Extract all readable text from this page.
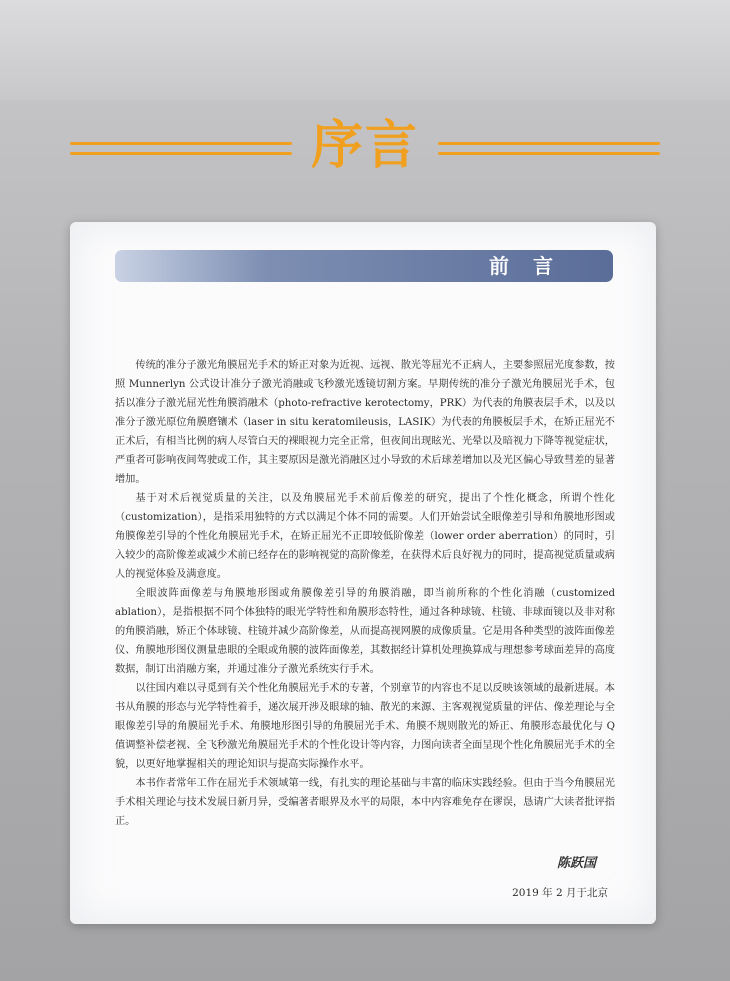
序言
前言

传统的准分子激光角膜屈光手术的矫正对象为近视、远视、散光等屈光不正病人，主要参照屈光度参数，按照 Munnerlyn 公式设计准分子激光消融或飞秒激光透镜切割方案。早期传统的准分子激光角膜屈光手术，包括以准分子激光屈光性角膜消融术（photo-refractive kerotectomy，PRK）为代表的角膜表层手术，以及以准分子激光原位角膜磨镶术（laser in situ keratomileusis，LASIK）为代表的角膜板层手术，在矫正屈光不正术后，有相当比例的病人尽管白天的裸眼视力完全正常，但夜间出现眩光、光晕以及暗视力下降等视觉症状，严重者可影响夜间驾驶或工作，其主要原因是激光消融区过小导致的术后球差增加以及光区偏心导致彗差的显著增加。

基于对术后视觉质量的关注，以及角膜屈光手术前后像差的研究，提出了个性化概念，所谓个性化（customization），是指采用独特的方式以满足个体不同的需要。人们开始尝试全眼像差引导和角膜地形图或角膜像差引导的个性化角膜屈光手术，在矫正屈光不正即较低阶像差（lower order aberration）的同时，引入较少的高阶像差或减少术前已经存在的影响视觉的高阶像差，在获得术后良好视力的同时，提高视觉质量或病人的视觉体验及满意度。

全眼波阵面像差与角膜地形图或角膜像差引导的角膜消融，即当前所称的个性化消融（customized ablation），是指根据不同个体独特的眼光学特性和角膜形态特性，通过各种球镜、柱镜、非球面镜以及非对称的角膜消融，矫正个体球镜、柱镜并减少高阶像差，从而提高视网膜的成像质量。它是用各种类型的波阵面像差仪、角膜地形图仪测量患眼的全眼或角膜的波阵面像差，其数据经计算机处理换算成与理想参考球面差异的高度数据，制订出消融方案，并通过准分子激光系统实行手术。

以往国内难以寻觅到有关个性化角膜屈光手术的专著，个别章节的内容也不足以反映该领域的最新进展。本书从角膜的形态与光学特性着手，递次展开涉及眼球的轴、散光的来源、主客观视觉质量的评估、像差理论与全眼像差引导的角膜屈光手术、角膜地形图引导的角膜屈光手术、角膜不规则散光的矫正、角膜形态最优化与 Q 值调整补偿老视、全飞秒激光角膜屈光手术的个性化设计等内容，力图向读者全面呈现个性化角膜屈光手术的全貌，以更好地掌握相关的理论知识与提高实际操作水平。

本书作者常年工作在屈光手术领域第一线，有扎实的理论基础与丰富的临床实践经验。但由于当今角膜屈光手术相关理论与技术发展日新月异，受编著者眼界及水平的局限，本中内容难免存在谬误，恳请广大读者批评指正。

陈跃国
2019 年 2 月于北京
